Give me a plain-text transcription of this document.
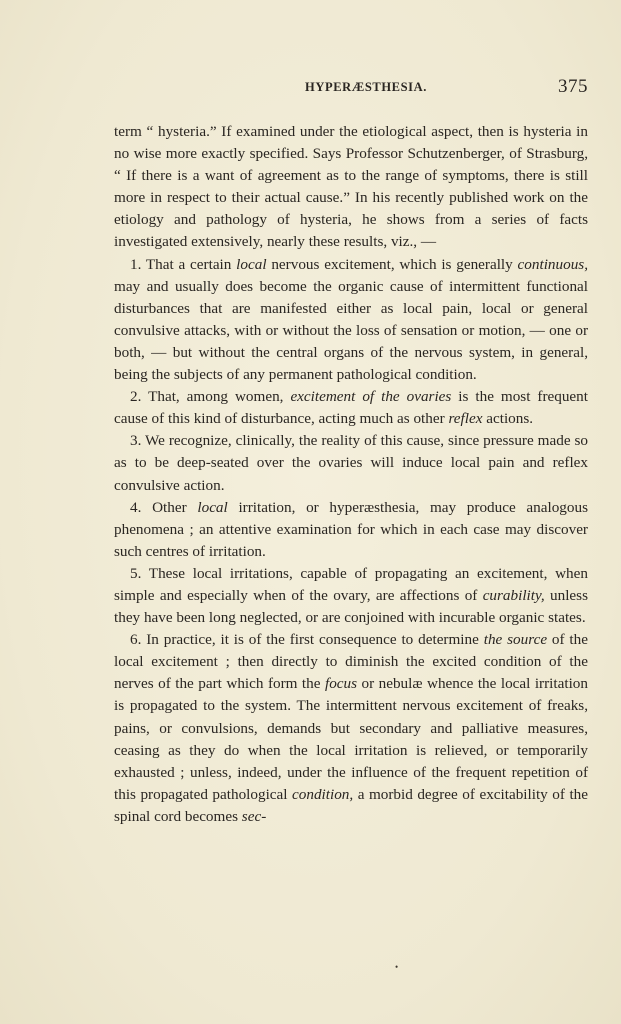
HYPERÆSTHESIA.	375

term “ hysteria.” If examined under the etiological aspect, then is hysteria in no wise more exactly specified. Says Professor Schutzenberger, of Strasburg, “ If there is a want of agreement as to the range of symptoms, there is still more in respect to their actual cause.” In his recently published work on the etiology and pathology of hysteria, he shows from a series of facts investigated extensively, nearly these results, viz., —

1. That a certain local nervous excitement, which is generally continuous, may and usually does become the organic cause of intermittent functional disturbances that are manifested either as local pain, local or general convulsive attacks, with or without the loss of sensation or motion, — one or both, — but without the central organs of the nervous system, in general, being the subjects of any permanent pathological condition.

2. That, among women, excitement of the ovaries is the most frequent cause of this kind of disturbance, acting much as other reflex actions.

3. We recognize, clinically, the reality of this cause, since pressure made so as to be deep-seated over the ovaries will induce local pain and reflex convulsive action.

4. Other local irritation, or hyperæsthesia, may produce analogous phenomena ; an attentive examination for which in each case may discover such centres of irritation.

5. These local irritations, capable of propagating an excitement, when simple and especially when of the ovary, are affections of curability, unless they have been long neglected, or are conjoined with incurable organic states.

6. In practice, it is of the first consequence to determine the source of the local excitement ; then directly to diminish the excited condition of the nerves of the part which form the focus or nebulæ whence the local irritation is propagated to the system. The intermittent nervous excitement of freaks, pains, or convulsions, demands but secondary and palliative measures, ceasing as they do when the local irritation is relieved, or temporarily exhausted ; unless, indeed, under the influence of the frequent repetition of this propagated pathological condition, a morbid degree of excitability of the spinal cord becomes sec-

•
